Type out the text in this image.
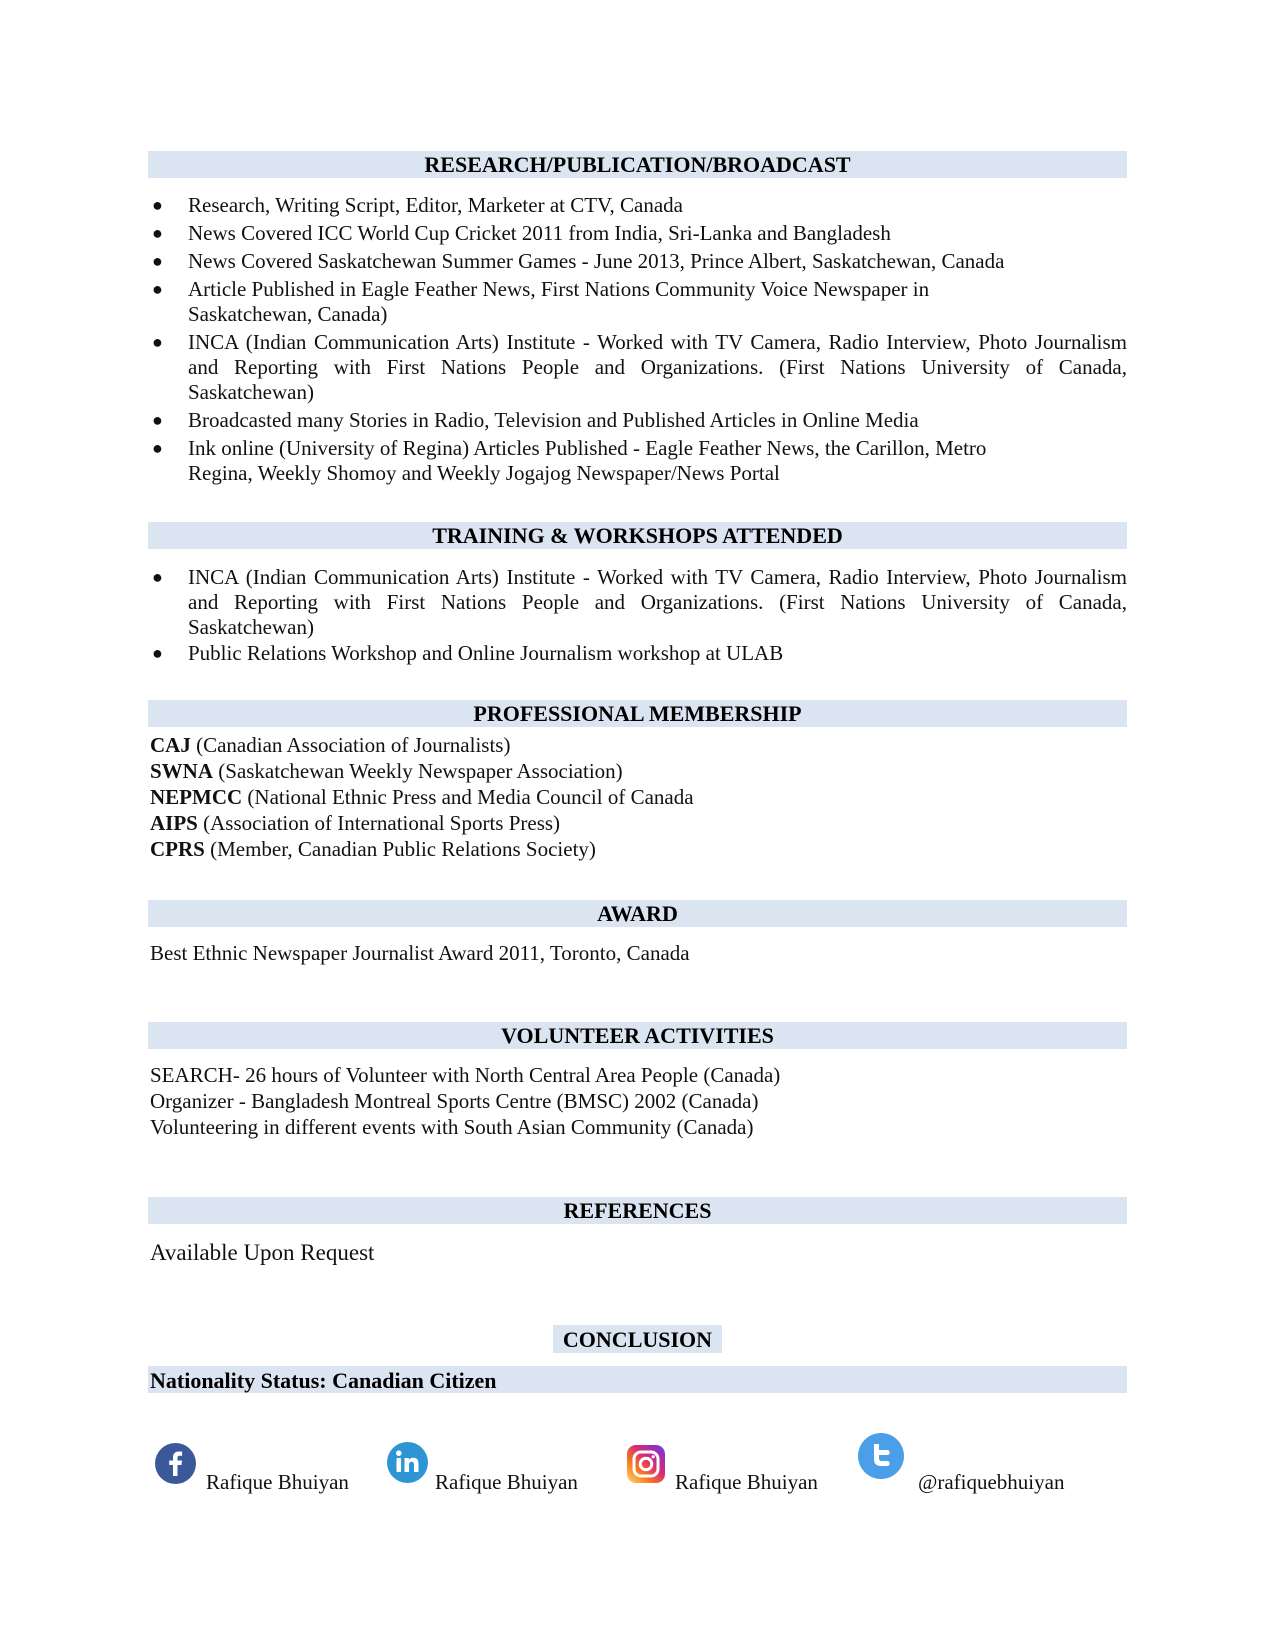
RESEARCH/PUBLICATION/BROADCAST
● Research, Writing Script, Editor, Marketer at CTV, Canada
● News Covered ICC World Cup Cricket 2011 from India, Sri-Lanka and Bangladesh
● News Covered Saskatchewan Summer Games - June 2013, Prince Albert, Saskatchewan, Canada
● Article Published in Eagle Feather News, First Nations Community Voice Newspaper in Saskatchewan, Canada)
● INCA (Indian Communication Arts) Institute - Worked with TV Camera, Radio Interview, Photo Journalism and Reporting with First Nations People and Organizations. (First Nations University of Canada, Saskatchewan)
● Broadcasted many Stories in Radio, Television and Published Articles in Online Media
● Ink online (University of Regina) Articles Published - Eagle Feather News, the Carillon, Metro Regina, Weekly Shomoy and Weekly Jogajog Newspaper/News Portal
TRAINING & WORKSHOPS ATTENDED
● INCA (Indian Communication Arts) Institute - Worked with TV Camera, Radio Interview, Photo Journalism and Reporting with First Nations People and Organizations. (First Nations University of Canada, Saskatchewan)
● Public Relations Workshop and Online Journalism workshop at ULAB
PROFESSIONAL MEMBERSHIP
CAJ (Canadian Association of Journalists)
SWNA (Saskatchewan Weekly Newspaper Association)
NEPMCC (National Ethnic Press and Media Council of Canada
AIPS (Association of International Sports Press)
CPRS (Member, Canadian Public Relations Society)
AWARD
Best Ethnic Newspaper Journalist Award 2011, Toronto, Canada
VOLUNTEER ACTIVITIES
SEARCH- 26 hours of Volunteer with North Central Area People (Canada)
Organizer - Bangladesh Montreal Sports Centre (BMSC) 2002 (Canada)
Volunteering in different events with South Asian Community (Canada)
REFERENCES
Available Upon Request
CONCLUSION
Nationality Status: Canadian Citizen
Rafique Bhuiyan	Rafique Bhuiyan	Rafique Bhuiyan	@rafiquebhuiyan
